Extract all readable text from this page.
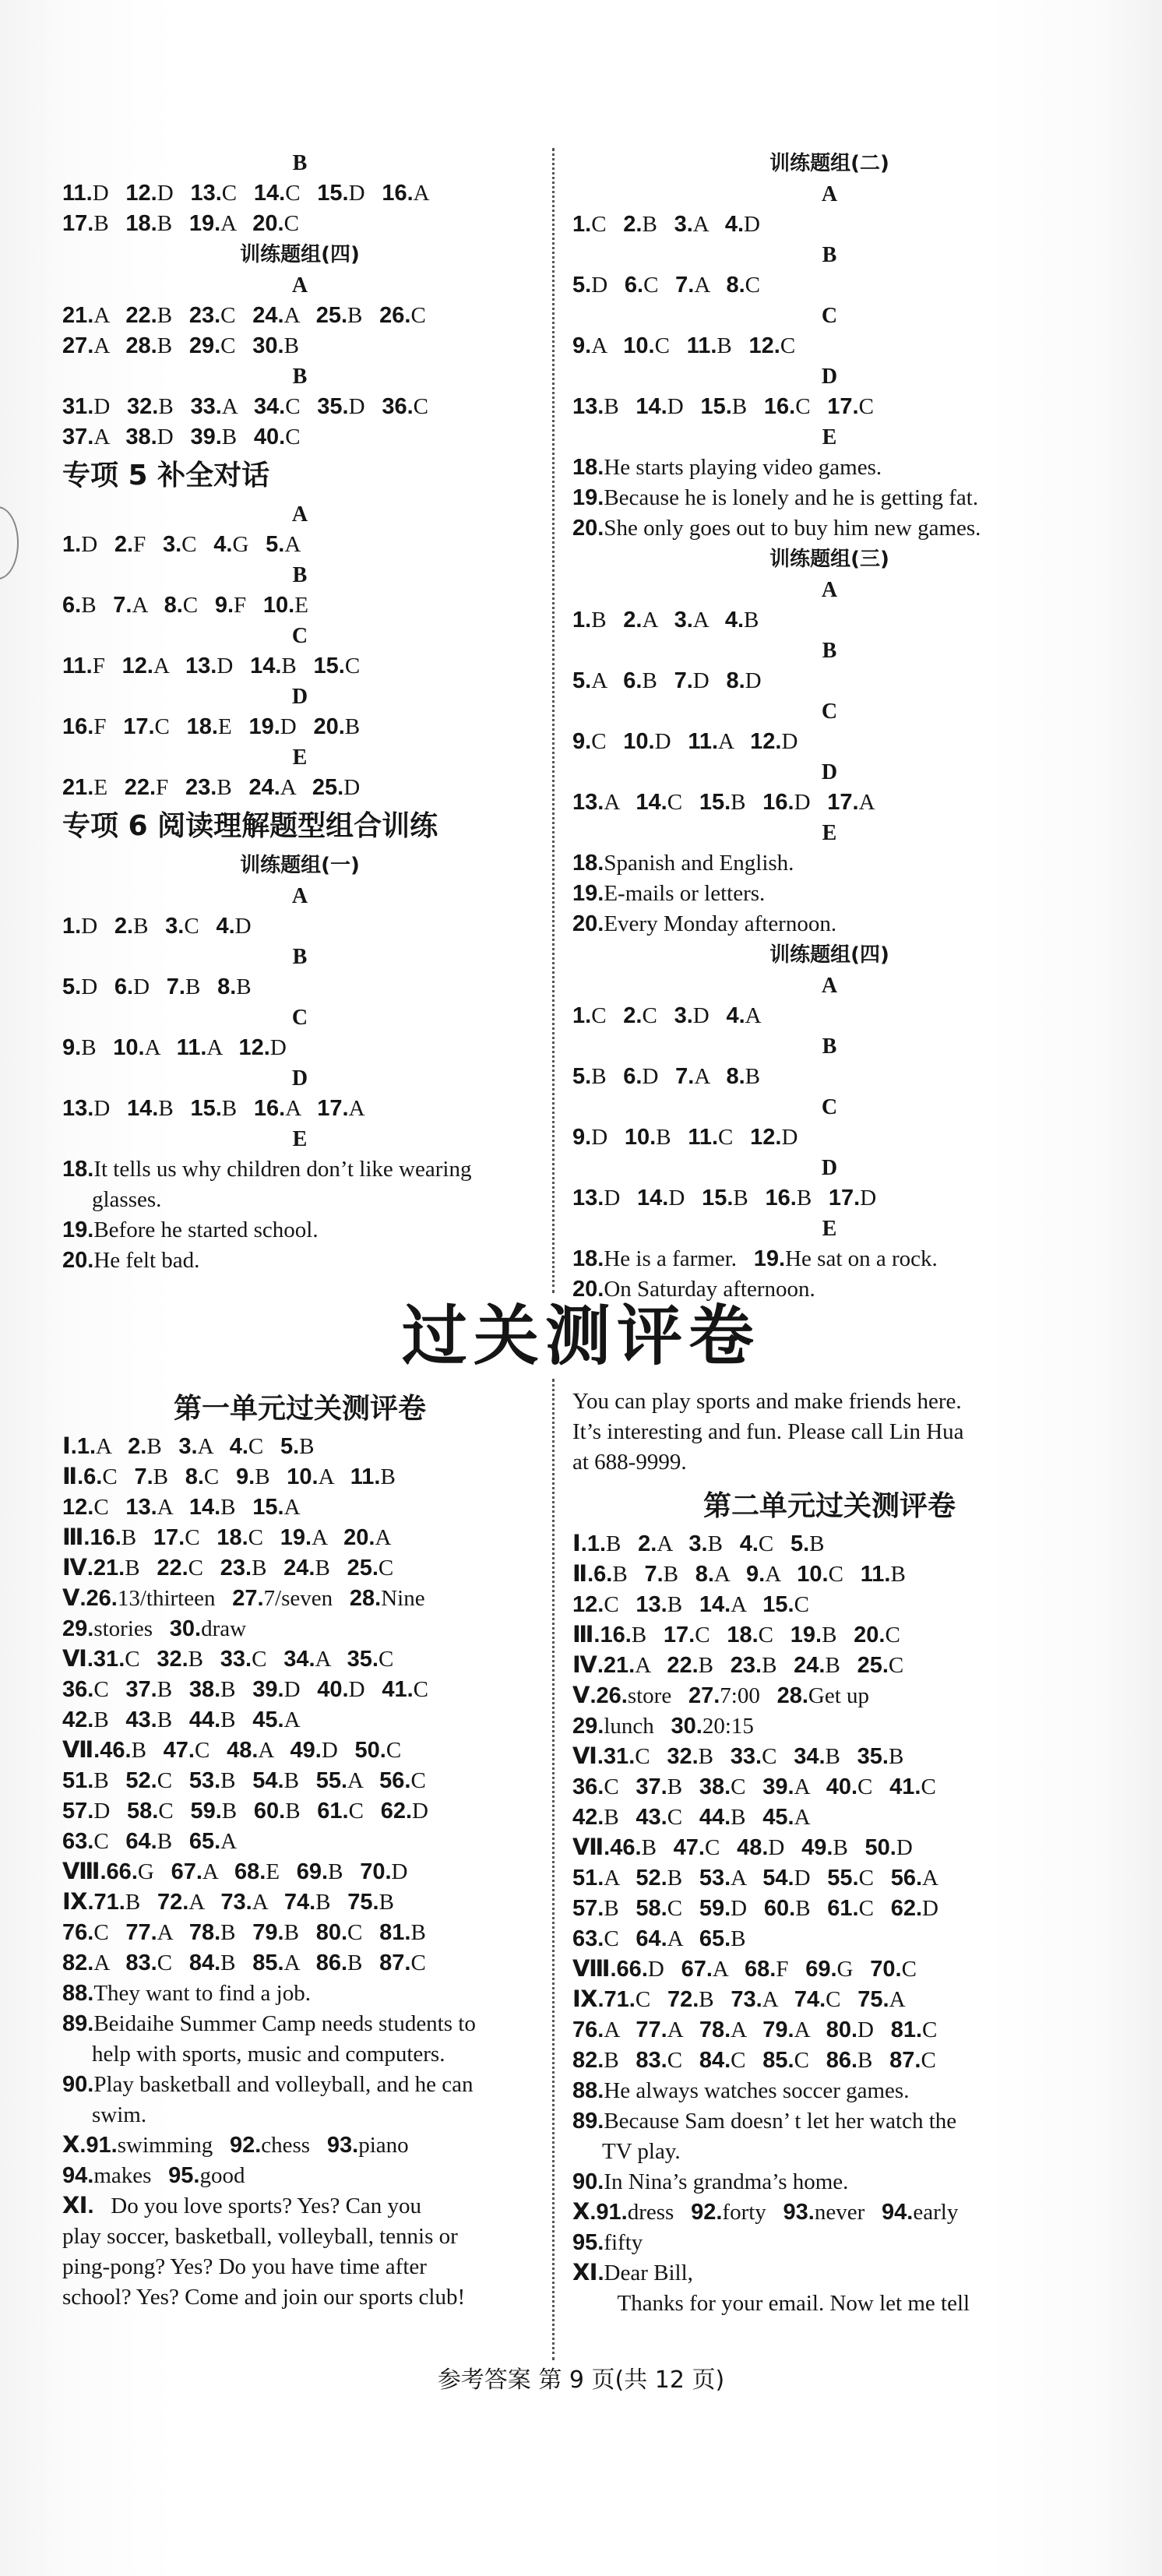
B
11.D 12.D 13.C 14.C 15.D 16.A
17.B 18.B 19.A 20.C
训练题组(四)
A
21.A 22.B 23.C 24.A 25.B 26.C
27.A 28.B 29.C 30.B
B
31.D 32.B 33.A 34.C 35.D 36.C
37.A 38.D 39.B 40.C
专项 5 补全对话
A
1.D 2.F 3.C 4.G 5.A
B
6.B 7.A 8.C 9.F 10.E
C
11.F 12.A 13.D 14.B 15.C
D
16.F 17.C 18.E 19.D 20.B
E
21.E 22.F 23.B 24.A 25.D
专项 6 阅读理解题型组合训练
训练题组(一)
A
1.D 2.B 3.C 4.D
B
5.D 6.D 7.B 8.B
C
9.B 10.A 11.A 12.D
D
13.D 14.B 15.B 16.A 17.A
E
18.It tells us why children don’t like wearing
glasses.
19.Before he started school.
20.He felt bad.
训练题组(二)
A
1.C 2.B 3.A 4.D
B
5.D 6.C 7.A 8.C
C
9.A 10.C 11.B 12.C
D
13.B 14.D 15.B 16.C 17.C
E
18.He starts playing video games.
19.Because he is lonely and he is getting fat.
20.She only goes out to buy him new games.
训练题组(三)
A
1.B 2.A 3.A 4.B
B
5.A 6.B 7.D 8.D
C
9.C 10.D 11.A 12.D
D
13.A 14.C 15.B 16.D 17.A
E
18.Spanish and English.
19.E-mails or letters.
20.Every Monday afternoon.
训练题组(四)
A
1.C 2.C 3.D 4.A
B
5.B 6.D 7.A 8.B
C
9.D 10.B 11.C 12.D
D
13.D 14.D 15.B 16.B 17.D
E
18.He is a farmer. 19.He sat on a rock.
20.On Saturday afternoon.
过关测评卷
第一单元过关测评卷
Ⅰ.1.A 2.B 3.A 4.C 5.B
Ⅱ.6.C 7.B 8.C 9.B 10.A 11.B
12.C 13.A 14.B 15.A
Ⅲ.16.B 17.C 18.C 19.A 20.A
Ⅳ.21.B 22.C 23.B 24.B 25.C
Ⅴ.26.13/thirteen 27.7/seven 28.Nine
29.stories 30.draw
Ⅵ.31.C 32.B 33.C 34.A 35.C
36.C 37.B 38.B 39.D 40.D 41.C
42.B 43.B 44.B 45.A
Ⅶ.46.B 47.C 48.A 49.D 50.C
51.B 52.C 53.B 54.B 55.A 56.C
57.D 58.C 59.B 60.B 61.C 62.D
63.C 64.B 65.A
Ⅷ.66.G 67.A 68.E 69.B 70.D
Ⅸ.71.B 72.A 73.A 74.B 75.B
76.C 77.A 78.B 79.B 80.C 81.B
82.A 83.C 84.B 85.A 86.B 87.C
88.They want to find a job.
89.Beidaihe Summer Camp needs students to
help with sports, music and computers.
90.Play basketball and volleyball, and he can
swim.
Ⅹ.91.swimming 92.chess 93.piano
94.makes 95.good
Ⅺ.   Do you love sports? Yes? Can you
play soccer, basketball, volleyball, tennis or
ping-pong? Yes? Do you have time after
school? Yes? Come and join our sports club!
You can play sports and make friends here.
It’s interesting and fun. Please call Lin Hua
at 688-9999.
第二单元过关测评卷
Ⅰ.1.B 2.A 3.B 4.C 5.B
Ⅱ.6.B 7.B 8.A 9.A 10.C 11.B
12.C 13.B 14.A 15.C
Ⅲ.16.B 17.C 18.C 19.B 20.C
Ⅳ.21.A 22.B 23.B 24.B 25.C
Ⅴ.26.store 27.7:00 28.Get up
29.lunch 30.20:15
Ⅵ.31.C 32.B 33.C 34.B 35.B
36.C 37.B 38.C 39.A 40.C 41.C
42.B 43.C 44.B 45.A
Ⅶ.46.B 47.C 48.D 49.B 50.D
51.A 52.B 53.A 54.D 55.C 56.A
57.B 58.C 59.D 60.B 61.C 62.D
63.C 64.A 65.B
Ⅷ.66.D 67.A 68.F 69.G 70.C
Ⅸ.71.C 72.B 73.A 74.C 75.A
76.A 77.A 78.A 79.A 80.D 81.C
82.B 83.C 84.C 85.C 86.B 87.C
88.He always watches soccer games.
89.Because Sam doesn’ t let her watch the
TV play.
90.In Nina’s grandma’s home.
Ⅹ.91.dress 92.forty 93.never 94.early
95.fifty
Ⅺ.Dear Bill,
Thanks for your email. Now let me tell
参考答案 第 9 页(共 12 页)
